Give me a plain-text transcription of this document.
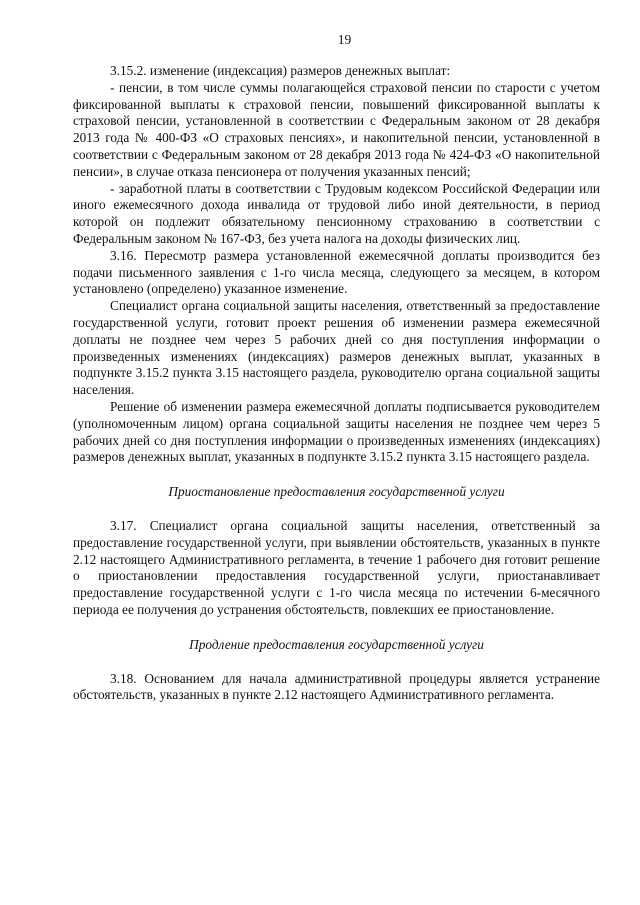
19

3.15.2. изменение (индексация) размеров денежных выплат:

- пенсии, в том числе суммы полагающейся страховой пенсии по старости с учетом фиксированной выплаты к страховой пенсии, повышений фиксированной выплаты к страховой пенсии, установленной в соответствии с Федеральным законом от 28 декабря 2013 года № 400-ФЗ «О страховых пенсиях», и накопительной пенсии, установленной в соответствии с Федеральным законом от 28 декабря 2013 года № 424-ФЗ «О накопительной пенсии», в случае отказа пенсионера от получения указанных пенсий;

- заработной платы в соответствии с Трудовым кодексом Российской Федерации или иного ежемесячного дохода инвалида от трудовой либо иной деятельности, в период которой он подлежит обязательному пенсионному страхованию в соответствии с Федеральным законом № 167-ФЗ, без учета налога на доходы физических лиц.

3.16. Пересмотр размера установленной ежемесячной доплаты производится без подачи письменного заявления с 1-го числа месяца, следующего за месяцем, в котором установлено (определено) указанное изменение.

Специалист органа социальной защиты населения, ответственный за предоставление государственной услуги, готовит проект решения об изменении размера ежемесячной доплаты не позднее чем через 5 рабочих дней со дня поступления информации о произведенных изменениях (индексациях) размеров денежных выплат, указанных в подпункте 3.15.2 пункта 3.15 настоящего раздела, руководителю органа социальной защиты населения.

Решение об изменении размера ежемесячной доплаты подписывается руководителем (уполномоченным лицом) органа социальной защиты населения не позднее чем через 5 рабочих дней со дня поступления информации о произведенных изменениях (индексациях) размеров денежных выплат, указанных в подпункте 3.15.2 пункта 3.15 настоящего раздела.

Приостановление предоставления государственной услуги

3.17. Специалист органа социальной защиты населения, ответственный за предоставление государственной услуги, при выявлении обстоятельств, указанных в пункте 2.12 настоящего Административного регламента, в течение 1 рабочего дня готовит решение о приостановлении предоставления государственной услуги, приостанавливает предоставление государственной услуги с 1-го числа месяца по истечении 6-месячного периода ее получения до устранения обстоятельств, повлекших ее приостановление.

Продление предоставления государственной услуги

3.18. Основанием для начала административной процедуры является устранение обстоятельств, указанных в пункте 2.12 настоящего Административного регламента.
